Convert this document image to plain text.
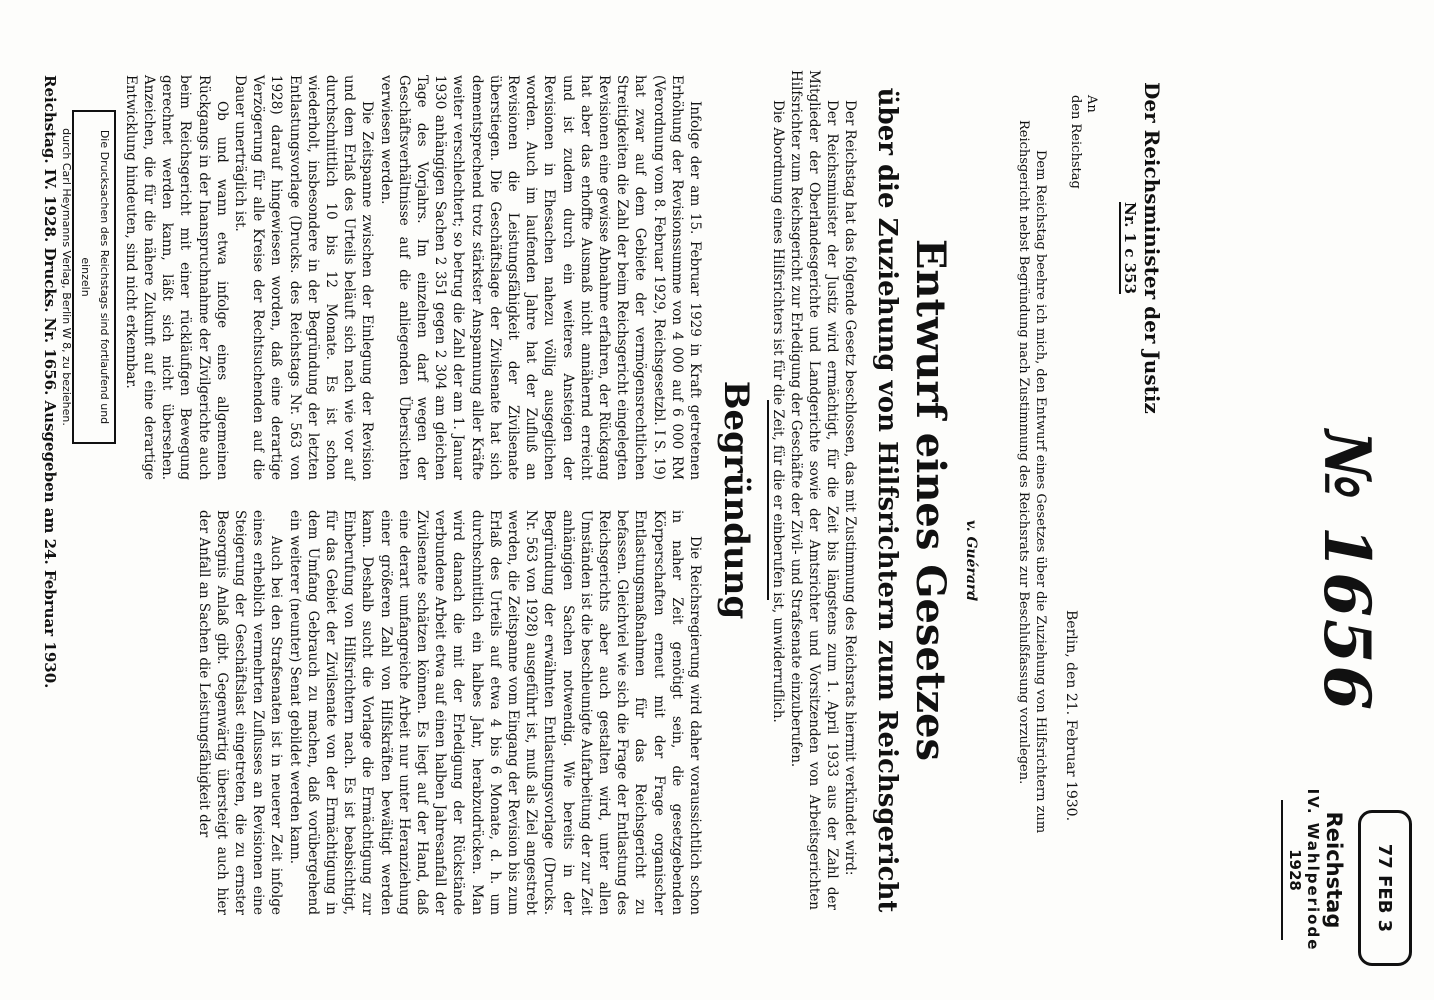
77 FEB 3
Reichstag
IV. Wahlperiode
1928
№ 1656
Der Reichsminister der Justiz
Nr. 1 c 353
An
den Reichstag
Berlin, den 21. Februar 1930.
Dem Reichstag beehre ich mich, den Entwurf eines Gesetzes über die Zuziehung von Hilfsrichtern zum Reichsgericht nebst Begründung nach Zustimmung des Reichsrats zur Beschlußfassung vorzulegen.
v. Guérard
Entwurf eines Gesetzes
über die Zuziehung von Hilfsrichtern zum Reichsgericht

Der Reichstag hat das folgende Gesetz beschlossen, das mit Zustimmung des Reichsrats hiermit verkündet wird:

Der Reichsminister der Justiz wird ermächtigt, für die Zeit bis längstens zum 1. April 1933 aus der Zahl der Mitglieder der Oberlandesgerichte und Landgerichte sowie der Amtsrichter und Vorsitzenden von Arbeitsgerichten Hilfsrichter zum Reichsgericht zur Erledigung der Geschäfte der Zivil- und Strafsenate einzuberufen.

Die Abordnung eines Hilfsrichters ist für die Zeit, für die er einberufen ist, unwiderruflich.

Begründung

Infolge der am 15. Februar 1929 in Kraft getretenen Erhöhung der Revisionssumme von 4 000 auf 6 000 RM (Verordnung vom 8. Februar 1929, Reichsgesetzbl. I S. 19) hat zwar auf dem Gebiete der vermögensrechtlichen Streitigkeiten die Zahl der beim Reichsgericht eingelegten Revisionen eine gewisse Abnahme erfahren, der Rückgang hat aber das erhoffte Ausmaß nicht annähernd erreicht und ist zudem durch ein weiteres Ansteigen der Revisionen in Ehesachen nahezu völlig ausgeglichen worden. Auch im laufenden Jahre hat der Zufluß an Revisionen die Leistungsfähigkeit der Zivilsenate überstiegen. Die Geschäftslage der Zivilsenate hat sich dementsprechend trotz stärkster Anspannung aller Kräfte weiter verschlechtert; so betrug die Zahl der am 1. Januar 1930 anhängigen Sachen 2 351 gegen 2 304 am gleichen Tage des Vorjahrs. Im einzelnen darf wegen der Geschäftsverhältnisse auf die anliegenden Übersichten verwiesen werden.

Die Zeitspanne zwischen der Einlegung der Revision und dem Erlaß des Urteils beläuft sich nach wie vor auf durchschnittlich 10 bis 12 Monate. Es ist schon wiederholt, insbesondere in der Begründung der letzten Entlastungsvorlage (Drucks. des Reichstags Nr. 563 von 1928) darauf hingewiesen worden, daß eine derartige Verzögerung für alle Kreise der Rechtsuchenden auf die Dauer unerträglich ist.

Ob und wann etwa infolge eines allgemeinen Rückgangs in der Inanspruchnahme der Zivilgerichte auch beim Reichsgericht mit einer rückläufigen Bewegung gerechnet werden kann, läßt sich nicht übersehen. Anzeichen, die für die nähere Zukunft auf eine derartige Entwicklung hindeuten, sind nicht erkennbar.

Die Reichsregierung wird daher voraussichtlich schon in naher Zeit genötigt sein, die gesetzgebenden Körperschaften erneut mit der Frage organischer Entlastungsmaßnahmen für das Reichsgericht zu befassen. Gleichviel wie sich die Frage der Entlastung des Reichsgerichts aber auch gestalten wird, unter allen Umständen ist die beschleunigte Aufarbeitung der zur Zeit anhängigen Sachen notwendig. Wie bereits in der Begründung der erwähnten Entlastungsvorlage (Drucks. Nr. 563 von 1928) ausgeführt ist, muß als Ziel angestrebt werden, die Zeitspanne vom Eingang der Revision bis zum Erlaß des Urteils auf etwa 4 bis 6 Monate, d. h. um durchschnittlich ein halbes Jahr, herabzudrücken. Man wird danach die mit der Erledigung der Rückstände verbundene Arbeit etwa auf einen halben Jahresanfall der Zivilsenate schätzen können. Es liegt auf der Hand, daß eine derart umfangreiche Arbeit nur unter Heranziehung einer größeren Zahl von Hilfskräften bewältigt werden kann. Deshalb sucht die Vorlage die Ermächtigung zur Einberufung von Hilfsrichtern nach. Es ist beabsichtigt, für das Gebiet der Zivilsenate von der Ermächtigung in dem Umfang Gebrauch zu machen, daß vorübergehend ein weiterer (neunter) Senat gebildet werden kann.

Auch bei den Strafsenaten ist in neuerer Zeit infolge eines erheblich vermehrten Zuflusses an Revisionen eine Steigerung der Geschäftslast eingetreten, die zu ernster Besorgnis Anlaß gibt. Gegenwärtig übersteigt auch hier der Anfall an Sachen die Leistungsfähigkeit der

Die Drucksachen des Reichstags sind fortlaufend und einzeln
durch Carl Heymanns Verlag, Berlin W 8, zu beziehen.
Reichstag. IV. 1928. Drucks. Nr. 1656. Ausgegeben am 24. Februar 1930.
